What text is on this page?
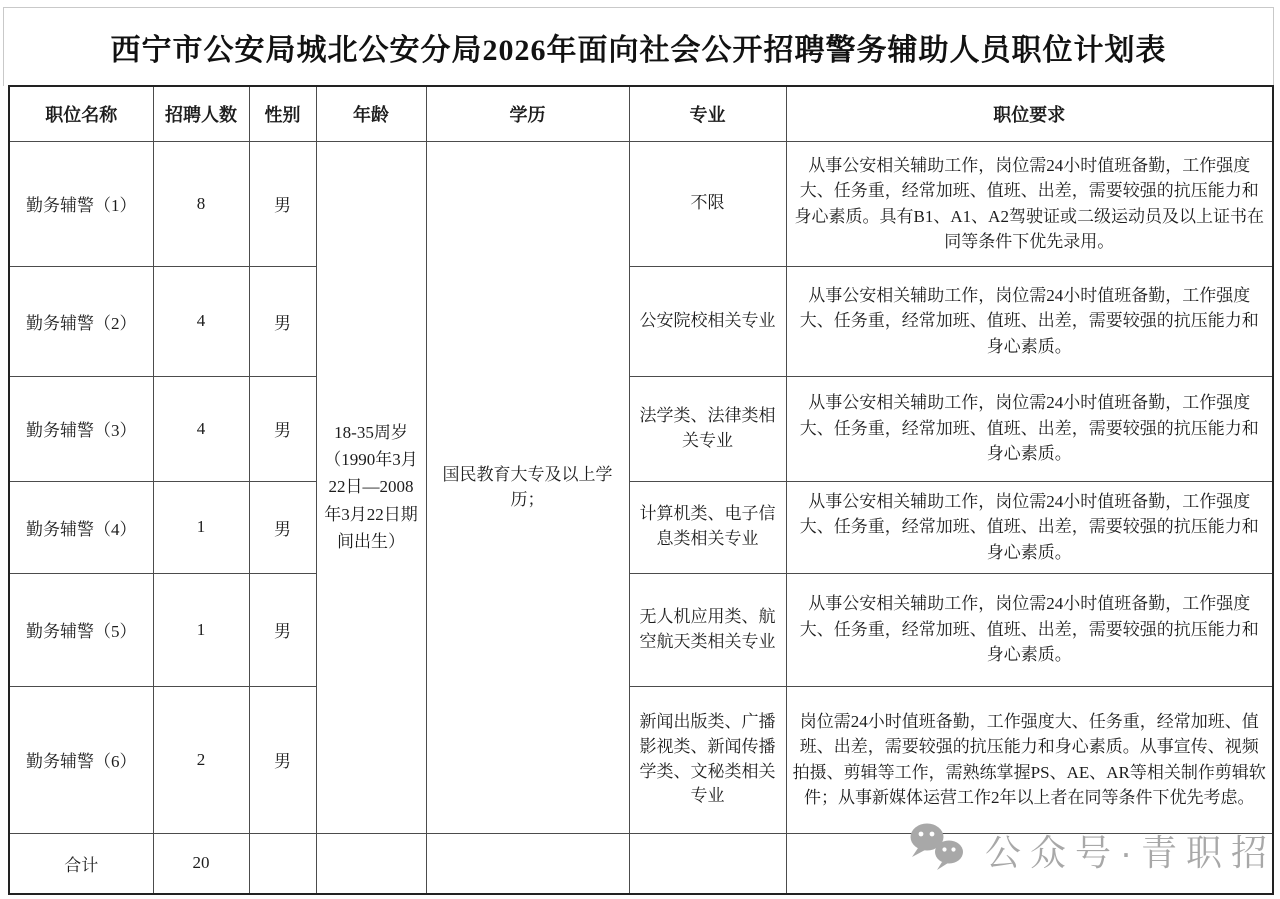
西宁市公安局城北公安分局2026年面向社会公开招聘警务辅助人员职位计划表
职位名称	招聘人数	性别	年龄	学历	专业	职位要求
勤务辅警（1）	8	男	18-35周岁（1990年3月22日—2008年3月22日期间出生）	国民教育大专及以上学历；	不限	从事公安相关辅助工作，岗位需24小时值班备勤，工作强度大、任务重，经常加班、值班、出差，需要较强的抗压能力和身心素质。具有B1、A1、A2驾驶证或二级运动员及以上证书在同等条件下优先录用。
勤务辅警（2）	4	男			公安院校相关专业	从事公安相关辅助工作，岗位需24小时值班备勤，工作强度大、任务重，经常加班、值班、出差，需要较强的抗压能力和身心素质。
勤务辅警（3）	4	男			法学类、法律类相关专业	从事公安相关辅助工作，岗位需24小时值班备勤，工作强度大、任务重，经常加班、值班、出差，需要较强的抗压能力和身心素质。
勤务辅警（4）	1	男			计算机类、电子信息类相关专业	从事公安相关辅助工作，岗位需24小时值班备勤，工作强度大、任务重，经常加班、值班、出差，需要较强的抗压能力和身心素质。
勤务辅警（5）	1	男			无人机应用类、航空航天类相关专业	从事公安相关辅助工作，岗位需24小时值班备勤，工作强度大、任务重，经常加班、值班、出差，需要较强的抗压能力和身心素质。
勤务辅警（6）	2	男			新闻出版类、广播影视类、新闻传播学类、文秘类相关专业	岗位需24小时值班备勤，工作强度大、任务重，经常加班、值班、出差，需要较强的抗压能力和身心素质。从事宣传、视频拍摄、剪辑等工作，需熟练掌握PS、AE、AR等相关制作剪辑软件；从事新媒体运营工作2年以上者在同等条件下优先考虑。
合计	20						公众号·青职招
